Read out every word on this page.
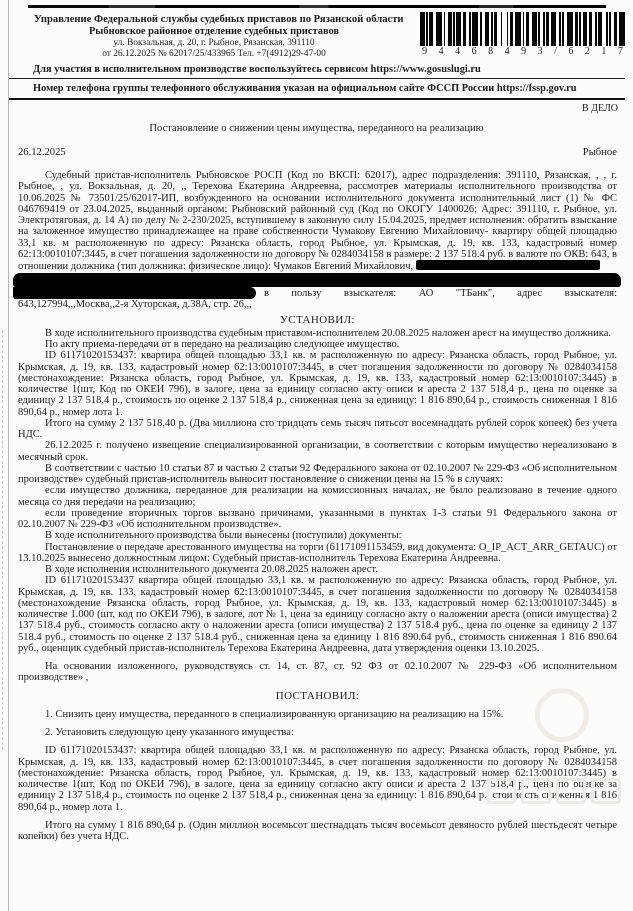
Управление Федеральной службы судебных приставов по Рязанской области
Рыбновское районное отделение судебных приставов
ул. Вокзальная, д. 20, г. Рыбное, Рязанская, 391110
от 26.12.2025 № 62017/25/433965 Тел. +7(4912)29-47-00	9 4 4 6 8 4 9 3 / 6 2 1 7
Для участия в исполнительном производстве воспользуйтесь сервисом https://www.gosuslugi.ru
Номер телефона группы телефонного обслуживания указан на официальном сайте ФССП России https://fssp.gov.ru
В ДЕЛО
Постановление о снижении цены имущества, переданного на реализацию
26.12.2025	Рыбное

Судебный пристав-исполнитель Рыбновское РОСП (Код по ВКСП: 62017), адрес подразделения: 391110, Рязанская, , , г. Рыбное, , ул. Вокзальная, д. 20, ,, Терехова Екатерина Андреевна, рассмотрев материалы исполнительного производства от 10.06.2025 № 73501/25/62017-ИП, возбужденного на основании исполнительного документа исполнительный лист (1) № ФС 046769419 от 23.04.2025, выданный органом: Рыбновский районный суд (Код по ОКОГУ 1400026; Адрес: 391110, г. Рыбное, ул. Электротяговая, д. 14 А) по делу № 2-230/2025, вступившему в законную силу 15.04.2025, предмет исполнения: обратить взыскание на заложенное имущество принадлежащее на праве собственности Чумакову Евгению Михайловичу- квартиру общей площадью 33,1 кв. м расположенную по адресу: Рязанска область, город Рыбное, ул. Крымская, д. 19, кв. 133, кадастровый номер 62:13:0010107:3445, в счет погашения задолженности по договору № 0284034158 в размере: 2 137 518.4 руб. в валюте по ОКВ: 643, в отношении должника (тип должника: физическое лицо): Чумаков Евгений Михайлович,

в пользу взыскателя: АО "ТБанк", адрес взыскателя:

643,127994,,,Москва,,2-я Хуторская, д.38А, стр. 26,,,

УСТАНОВИЛ:

В ходе исполнительного производства судебным приставом-исполнителем 20.08.2025 наложен арест на имущество должника.

По акту приема-передачи от в передано на реализацию следующее имущество.

ID 61171020153437: квартира общей площадью 33,1 кв. м расположенную по адресу: Рязанска область, город Рыбное, ул. Крымская, д. 19, кв. 133, кадастровый номер 62:13:0010107:3445, в счет погашения задолженности по договору № 0284034158 (местонахождение: Рязанска область, город Рыбное, ул. Крымская, д. 19, кв. 133, кадастровый номер 62:13:0010107:3445) в количестве 1(шт, Код по ОКЕИ 796), в залоге, цена за единицу согласно акту описи и ареста 2 137 518,4 р., цена по оценке за единицу 2 137 518,4 р., стоимость по оценке 2 137 518,4 р., сниженная цена за единицу: 1 816 890,64 р., стоимость сниженная 1 816 890,64 р., номер лота 1.

Итого на сумму 2 137 518,40 р. (Два миллиона сто тридцать семь тысяч пятьсот восемнадцать рублей сорок копеек) без учета НДС.

26.12.2025 г. получено извещение специализированной организации, в соответствии с которым имущество нереализовано в месячный срок.

В соответствии с частью 10 статьи 87 и частью 2 статьи 92 Федерального закона от 02.10.2007 № 229-ФЗ «Об исполнительном производстве» судебный пристав-исполнитель выносит постановление о снижении цены на 15 % в случаях:

если имущество должника, переданное для реализации на комиссионных началах, не было реализовано в течение одного месяца со дня передачи на реализацию;

если проведение вторичных торгов вызвано причинами, указанными в пунктах 1-3 статьи 91 Федерального закона от 02.10.2007 № 229-ФЗ «Об исполнительном производстве».

В ходе исполнительного производства были вынесены (поступили) документы:

Постановление о передаче арестованного имущества на торги (61171091153459, вид документа: O_IP_ACT_ARR_GETAUC) от 13.10.2025 вынесено должностным лицом: Судебный пристав-исполнитель Терехова Екатерина Андреевна.

В ходе исполнения исполнительного документа 20.08.2025 наложен арест.

ID 61171020153437 квартира общей площадью 33,1 кв. м расположенную по адресу: Рязанска область, город Рыбное, ул. Крымская, д. 19, кв. 133, кадастровый номер 62:13:0010107:3445, в счет погашения задолженности по договору № 0284034158 (местонахождение Рязанска область, город Рыбное, ул. Крымская, д. 19, кв. 133, кадастровый номер 62:13:0010107:3445) в количестве 1.000 (шт, код по ОКЕИ 796), в залоге, лот № 1, цена за единицу согласно акту о наложении ареста (описи имущества) 2 137 518.4 руб., стоимость согласно акту о наложении ареста (описи имущества) 2 137 518.4 руб., цена по оценке за единицу 2 137 518.4 руб., стоимость по оценке 2 137 518.4 руб., сниженная цена за единицу 1 816 890.64 руб., стоимость сниженная 1 816 890.64 руб., оценщик судебный пристав-исполнитель Терехова Екатерина Андреевна, дата утверждения оценки 13.10.2025.

На основании изложенного, руководствуясь ст. 14, ст. 87, ст. 92 ФЗ от 02.10.2007 № 229-ФЗ «Об исполнительном производстве» ,

ПОСТАНОВИЛ:

1. Снизить цену имущества, переданного в специализированную организацию на реализацию на 15%.

2. Установить следующую цену указанного имущества:

ID 61171020153437: квартира общей площадью 33,1 кв. м расположенную по адресу: Рязанска область, город Рыбное, ул. Крымская, д. 19, кв. 133, кадастровый номер 62:13:0010107:3445, в счет погашения задолженности по договору № 0284034158 (местонахождение: Рязанска область, город Рыбное, ул. Крымская, д. 19, кв. 133, кадастровый номер 62:13:0010107:3445) в количестве 1(шт, Код по ОКЕИ 796), в залоге, цена за единицу согласно акту описи и ареста 2 137 518,4 р., цена по оценке за единицу 2 137 518,4 р., стоимость по оценке 2 137 518,4 р., сниженная цена за единицу: 1 816 890,64 р., стоимость сниженная 1 816 890,64 р., номер лота 1.

Итого на сумму 1 816 890,64 р. (Один миллион восемьсот шестнадцать тысяч восемьсот девяносто рублей шестьдесят четыре копейки) без учета НДС.
